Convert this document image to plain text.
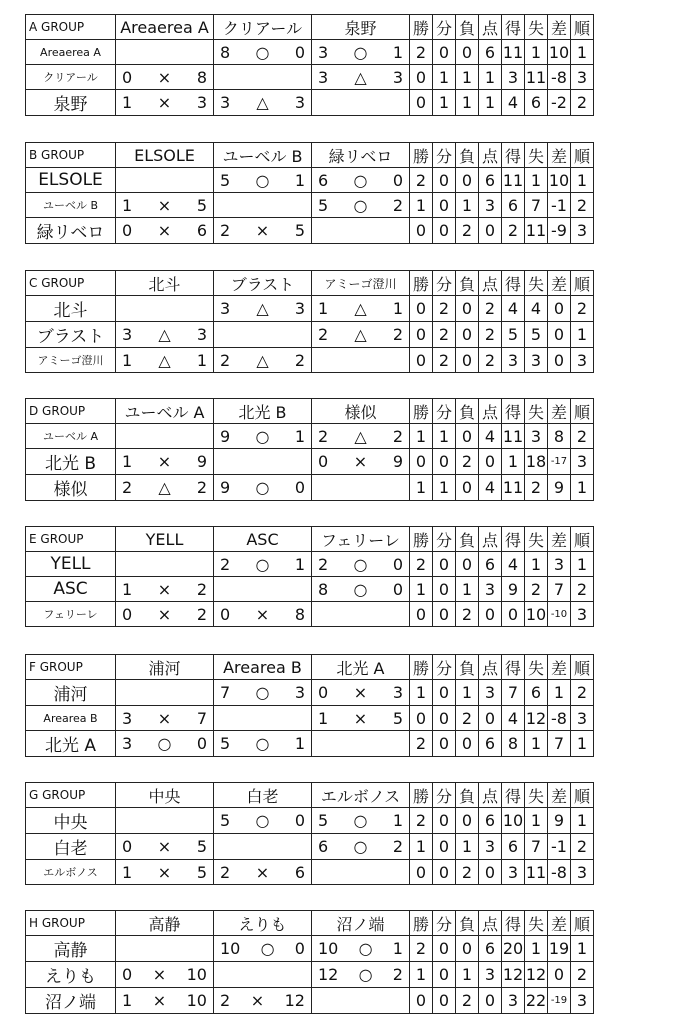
A GROUP	Areaerea A	クリアール	泉野	勝	分	負	点	得	失	差	順
Areaerea A		8 ○ 0	3 ○ 1	2	0	0	6	11	1	10	1
クリアール	0 × 8		3 △ 3	0	1	1	1	3	11	-8	3
泉野	1 × 3	3 △ 3		0	1	1	1	4	6	-2	2
B GROUP	ELSOLE	ユーベル B	緑リベロ	勝	分	負	点	得	失	差	順
ELSOLE		5 ○ 1	6 ○ 0	2	0	0	6	11	1	10	1
ユーベル B	1 × 5		5 ○ 2	1	0	1	3	6	7	-1	2
緑リベロ	0 × 6	2 × 5		0	0	2	0	2	11	-9	3
C GROUP	北斗	ブラスト	アミーゴ澄川	勝	分	負	点	得	失	差	順
北斗		3 △ 3	1 △ 1	0	2	0	2	4	4	0	2
ブラスト	3 △ 3		2 △ 2	0	2	0	2	5	5	0	1
アミーゴ澄川	1 △ 1	2 △ 2		0	2	0	2	3	3	0	3
D GROUP	ユーベル A	北光 B	様似	勝	分	負	点	得	失	差	順
ユーベル A		9 ○ 1	2 △ 2	1	1	0	4	11	3	8	2
北光 B	1 × 9		0 × 9	0	0	2	0	1	18	-17	3
様似	2 △ 2	9 ○ 0		1	1	0	4	11	2	9	1
E GROUP	YELL	ASC	フェリーレ	勝	分	負	点	得	失	差	順
YELL		2 ○ 1	2 ○ 0	2	0	0	6	4	1	3	1
ASC	1 × 2		8 ○ 0	1	0	1	3	9	2	7	2
フェリーレ	0 × 2	0 × 8		0	0	2	0	0	10	-10	3
F GROUP	浦河	Arearea B	北光 A	勝	分	負	点	得	失	差	順
浦河		7 ○ 3	0 × 3	1	0	1	3	7	6	1	2
Arearea B	3 × 7		1 × 5	0	0	2	0	4	12	-8	3
北光 A	3 ○ 0	5 ○ 1		2	0	0	6	8	1	7	1
G GROUP	中央	白老	エルボノス	勝	分	負	点	得	失	差	順
中央		5 ○ 0	5 ○ 1	2	0	0	6	10	1	9	1
白老	0 × 5		6 ○ 2	1	0	1	3	6	7	-1	2
エルボノス	1 × 5	2 × 6		0	0	2	0	3	11	-8	3
H GROUP	高静	えりも	沼ノ端	勝	分	負	点	得	失	差	順
高静		10 ○ 0	10 ○ 1	2	0	0	6	20	1	19	1
えりも	0 × 10		12 ○ 2	1	0	1	3	12	12	0	2
沼ノ端	1 × 10	2 × 12		0	0	2	0	3	22	-19	3
